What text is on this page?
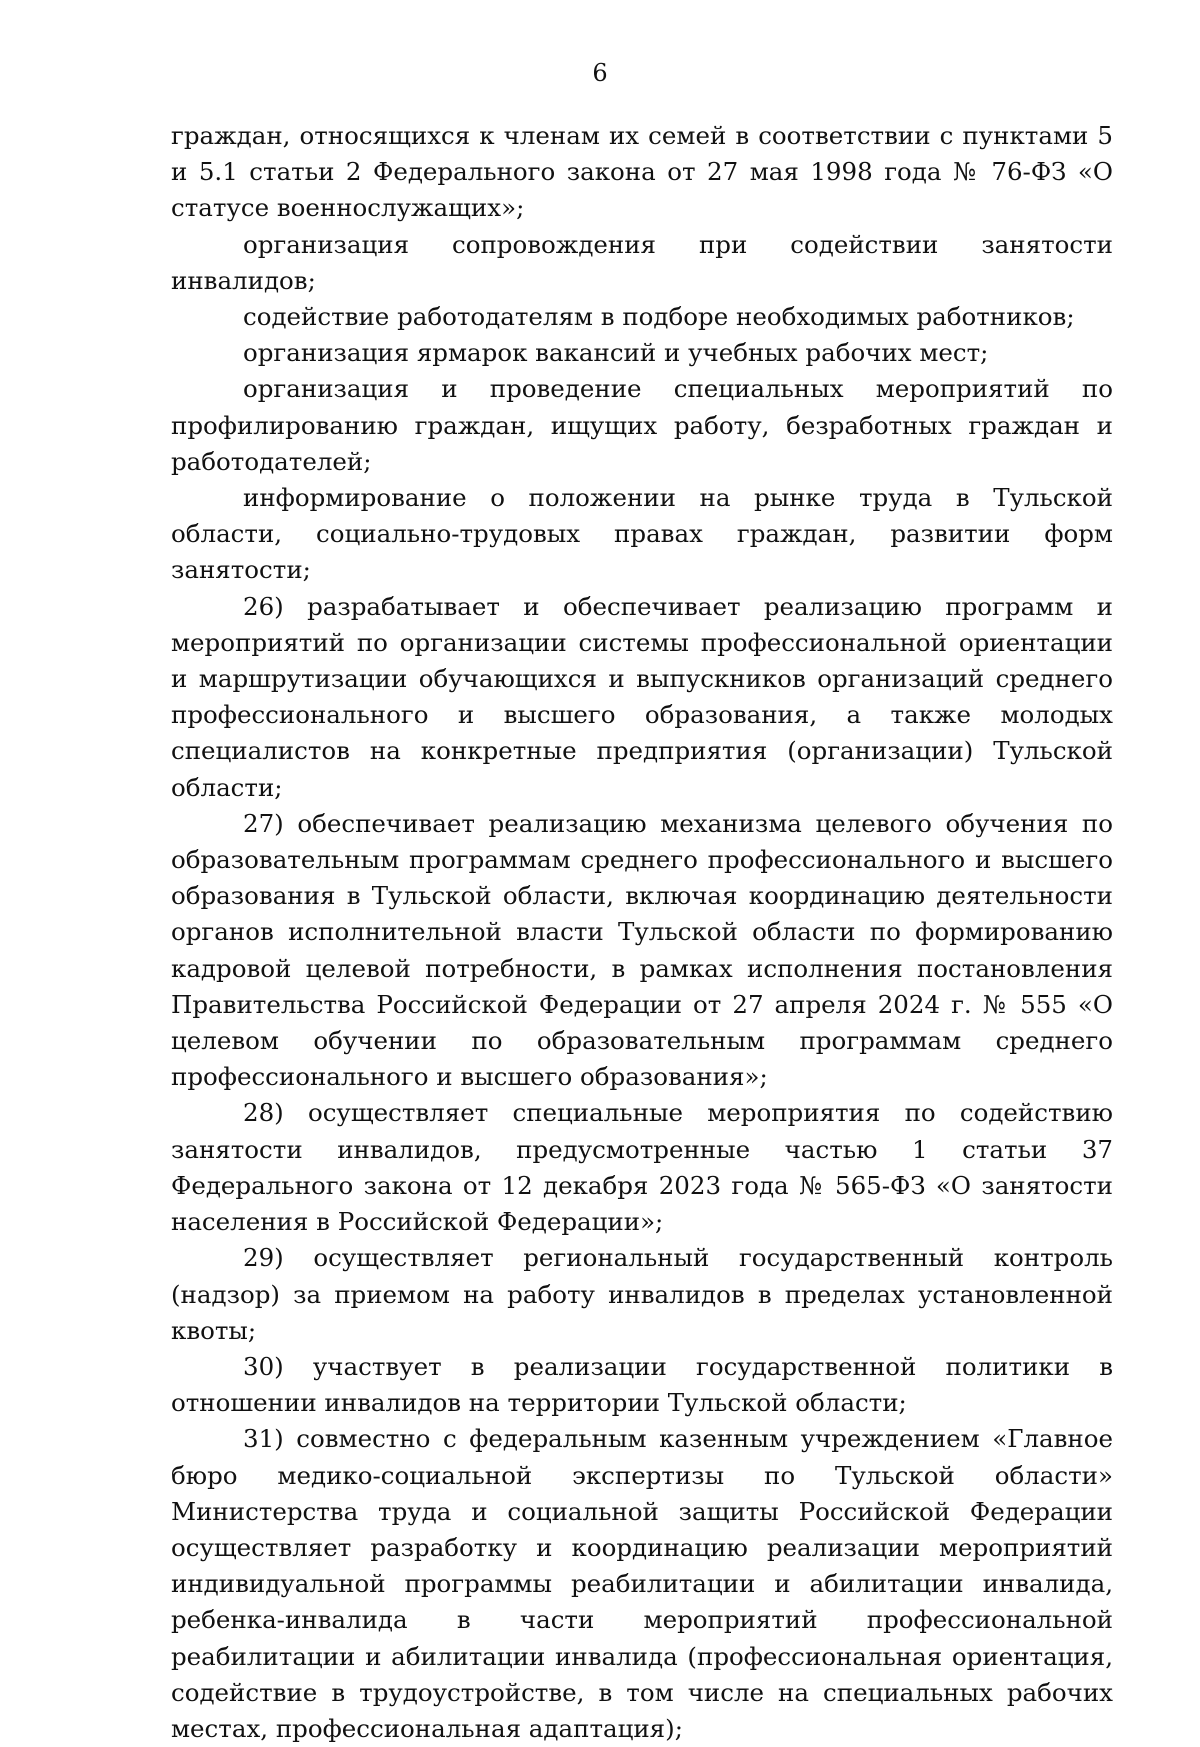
6

граждан, относящихся к членам их семей в соответствии с пунктами 5 и 5.1 статьи 2 Федерального закона от 27 мая 1998 года № 76-ФЗ «О статусе военнослужащих»;

организация сопровождения при содействии занятости инвалидов;

содействие работодателям в подборе необходимых работников;

организация ярмарок вакансий и учебных рабочих мест;

организация и проведение специальных мероприятий по профилированию граждан, ищущих работу, безработных граждан и работодателей;

информирование о положении на рынке труда в Тульской области, социально-трудовых правах граждан, развитии форм занятости;

26) разрабатывает и обеспечивает реализацию программ и мероприятий по организации системы профессиональной ориентации и маршрутизации обучающихся и выпускников организаций среднего профессионального и высшего образования, а также молодых специалистов на конкретные предприятия (организации) Тульской области;

27) обеспечивает реализацию механизма целевого обучения по образовательным программам среднего профессионального и высшего образования в Тульской области, включая координацию деятельности органов исполнительной власти Тульской области по формированию кадровой целевой потребности, в рамках исполнения постановления Правительства Российской Федерации от 27 апреля 2024 г. № 555 «О целевом обучении по образовательным программам среднего профессионального и высшего образования»;

28) осуществляет специальные мероприятия по содействию занятости инвалидов, предусмотренные частью 1 статьи 37 Федерального закона от 12 декабря 2023 года № 565-ФЗ «О занятости населения в Российской Федерации»;

29) осуществляет региональный государственный контроль (надзор) за приемом на работу инвалидов в пределах установленной квоты;

30) участвует в реализации государственной политики в отношении инвалидов на территории Тульской области;

31) совместно с федеральным казенным учреждением «Главное бюро медико-социальной экспертизы по Тульской области» Министерства труда и социальной защиты Российской Федерации осуществляет разработку и координацию реализации мероприятий индивидуальной программы реабилитации и абилитации инвалида, ребенка-инвалида в части мероприятий профессиональной реабилитации и абилитации инвалида (профессиональная ориентация, содействие в трудоустройстве, в том числе на специальных рабочих местах, профессиональная адаптация);
